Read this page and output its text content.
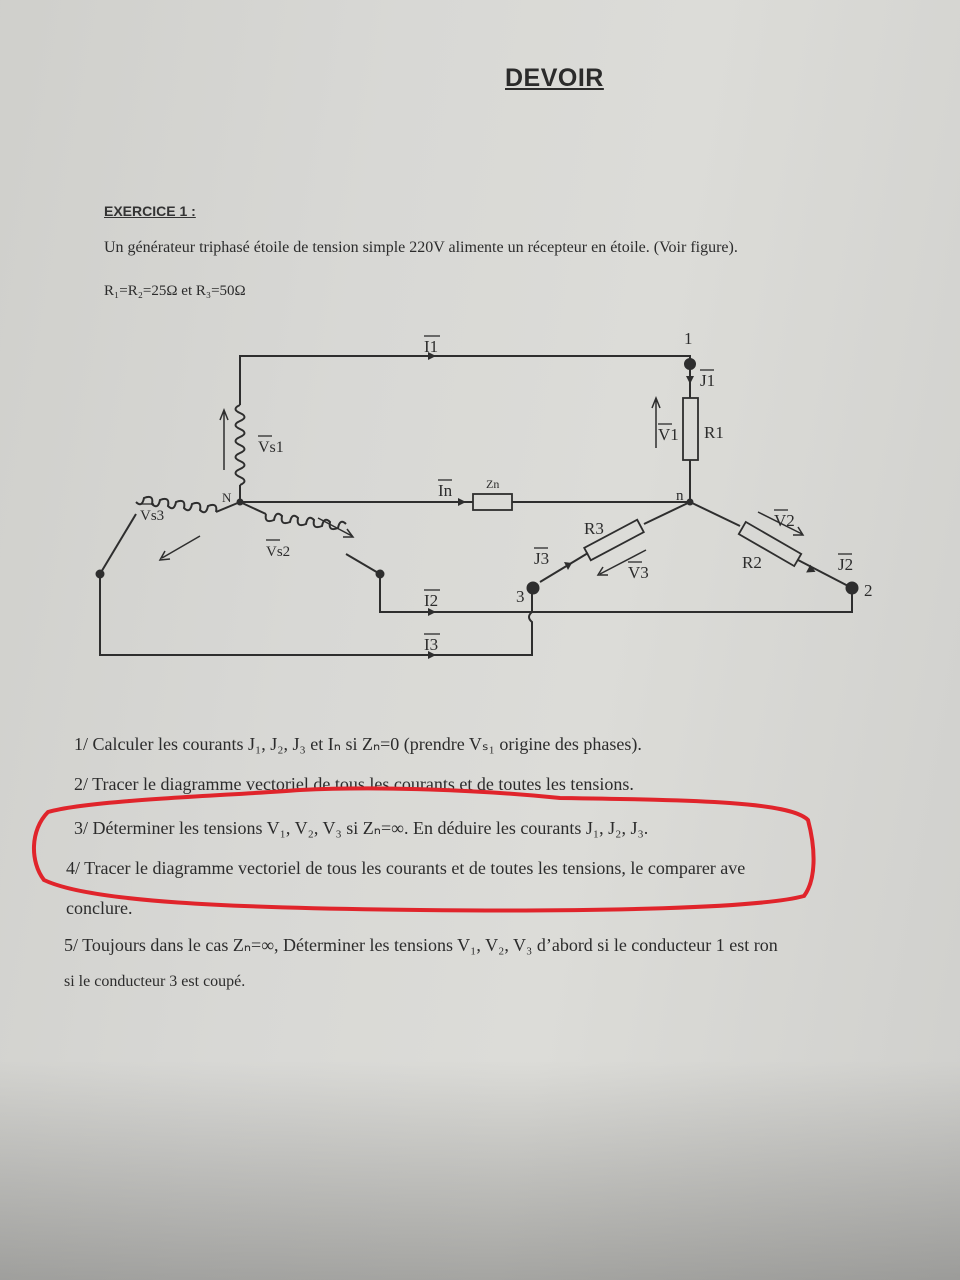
DEVOIR
EXERCICE 1 :
Un générateur triphasé étoile de tension simple 220V alimente un récepteur en étoile. (Voir figure).
R₁=R₂=25Ω et R₃=50Ω
I1
I2
I3
In	Zn
N	n
1
2
3
J1
J2
J3
R1
R2
R3
V1
V2
V3
Vs1
Vs2
Vs3
1/ Calculer les courants J₁, J₂, J₃ et Iₙ si Zₙ=0 (prendre Vₛ₁ origine des phases).
2/ Tracer le diagramme vectoriel de tous les courants et de toutes les tensions.
3/ Déterminer les tensions V₁, V₂, V₃ si Zₙ=∞. En déduire les courants J₁, J₂, J₃.
4/ Tracer le diagramme vectoriel de tous les courants et de toutes les tensions, le comparer ave
conclure.
5/ Toujours dans le cas Zₙ=∞, Déterminer les tensions V₁, V₂, V₃ d’abord si le conducteur 1 est ron
si le conducteur 3 est coupé.
